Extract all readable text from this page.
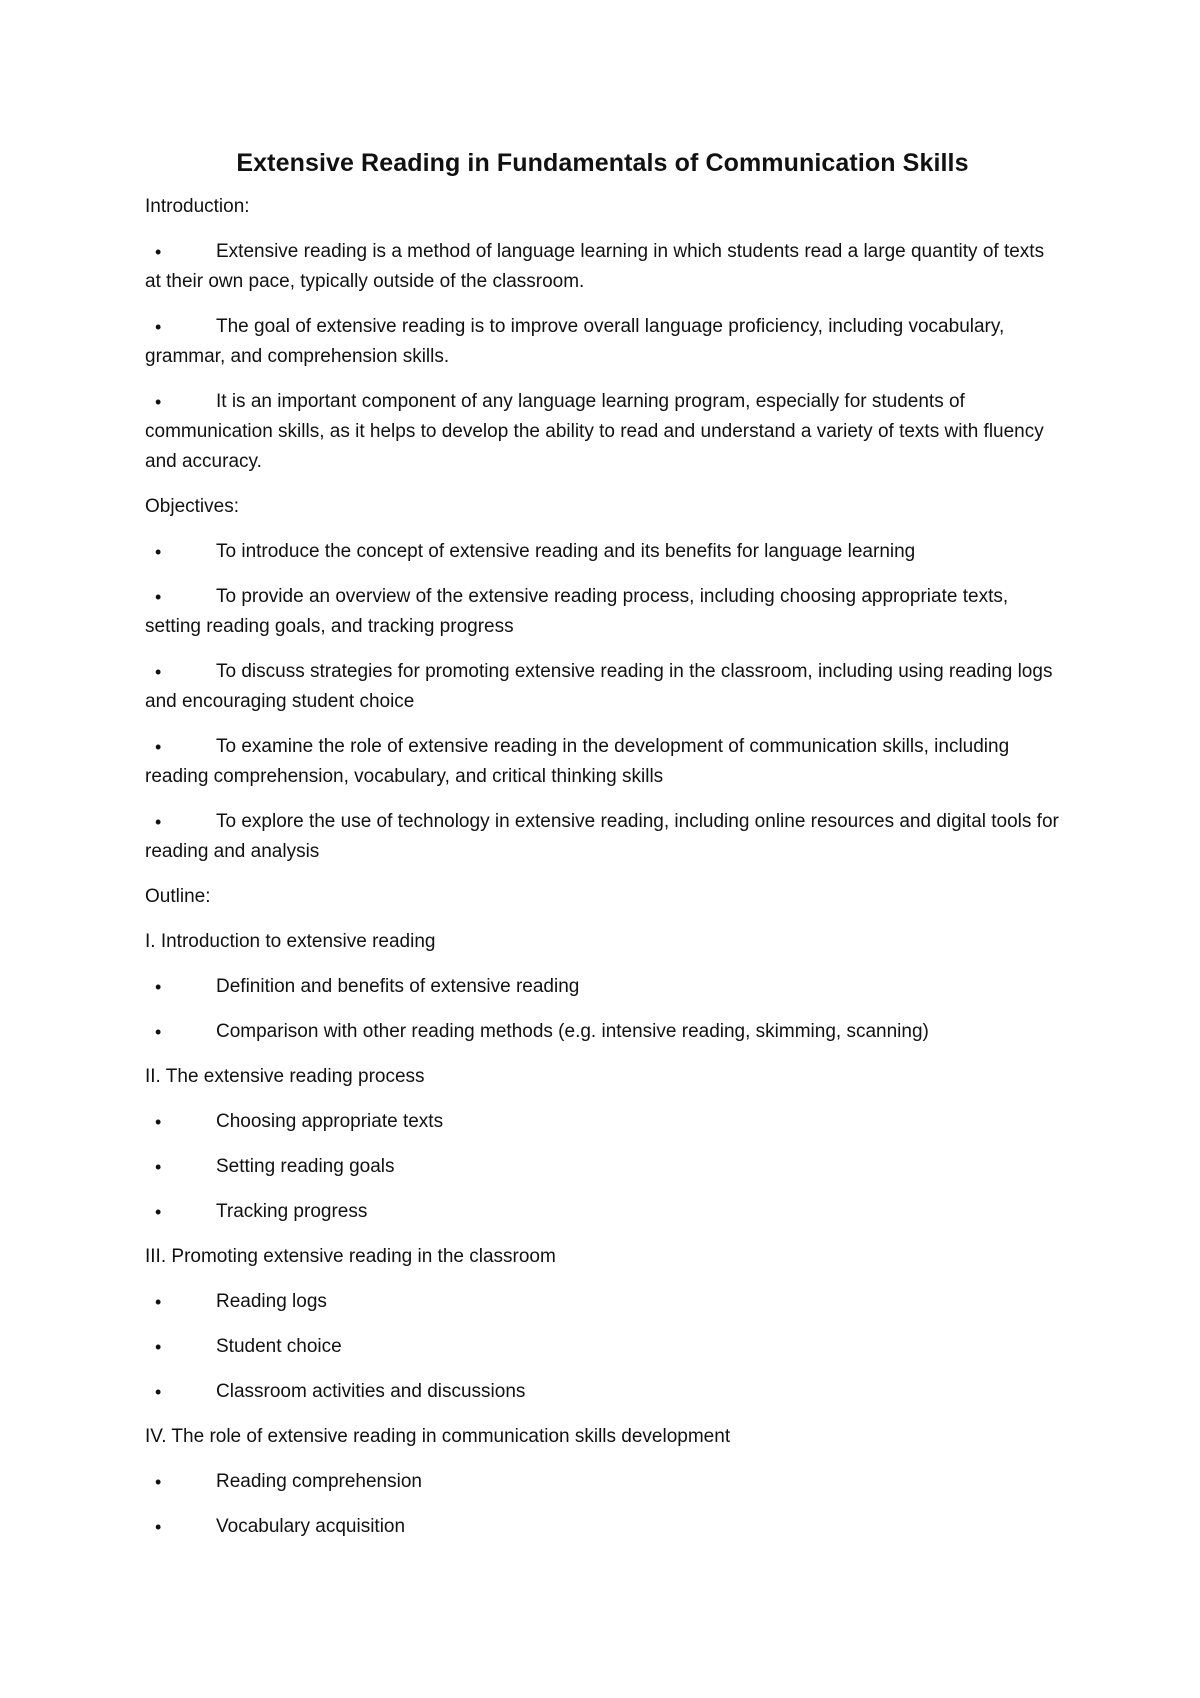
Extensive Reading in Fundamentals of Communication Skills
Introduction:
•	Extensive reading is a method of language learning in which students read a large quantity of texts at their own pace, typically outside of the classroom.
•	The goal of extensive reading is to improve overall language proficiency, including vocabulary, grammar, and comprehension skills.
•	It is an important component of any language learning program, especially for students of communication skills, as it helps to develop the ability to read and understand a variety of texts with fluency and accuracy.
Objectives:
•	To introduce the concept of extensive reading and its benefits for language learning
•	To provide an overview of the extensive reading process, including choosing appropriate texts, setting reading goals, and tracking progress
•	To discuss strategies for promoting extensive reading in the classroom, including using reading logs and encouraging student choice
•	To examine the role of extensive reading in the development of communication skills, including reading comprehension, vocabulary, and critical thinking skills
•	To explore the use of technology in extensive reading, including online resources and digital tools for reading and analysis
Outline:
I. Introduction to extensive reading
•	Definition and benefits of extensive reading
•	Comparison with other reading methods (e.g. intensive reading, skimming, scanning)
II. The extensive reading process
•	Choosing appropriate texts
•	Setting reading goals
•	Tracking progress
III. Promoting extensive reading in the classroom
•	Reading logs
•	Student choice
•	Classroom activities and discussions
IV. The role of extensive reading in communication skills development
•	Reading comprehension
•	Vocabulary acquisition
